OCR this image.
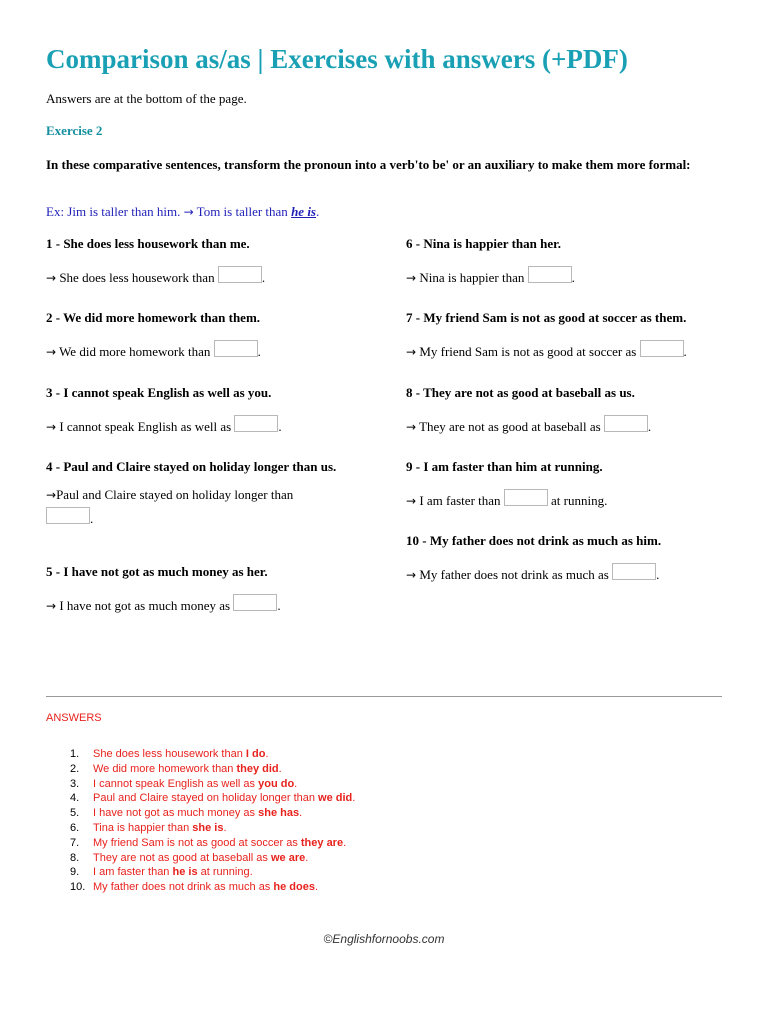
Comparison as/as | Exercises with answers (+PDF)
Answers are at the bottom of the page.
Exercise 2
In these comparative sentences, transform the pronoun into a verb'to be' or an auxiliary to make them more formal:
Ex: Jim is taller than him. → Tom is taller than he is.
1 - She does less housework than me.
→ She does less housework than	.
2 - We did more homework than them.
→ We did more homework than	.
3 - I cannot speak English as well as you.
→ I cannot speak English as well as	.
4 - Paul and Claire stayed on holiday longer than us.
→Paul and Claire stayed on holiday longer than .
5 - I have not got as much money as her.
→ I have not got as much money as	.
6 - Nina is happier than her.
→ Nina is happier than	.
7 - My friend Sam is not as good at soccer as them.
→ My friend Sam is not as good at soccer as	.
8 - They are not as good at baseball as us.
→ They are not as good at baseball as	.
9 - I am faster than him at running.
→ I am faster than	at running.
10 - My father does not drink as much as him.
→ My father does not drink as much as	.
ANSWERS
1. She does less housework than I do.
2. We did more homework than they did.
3. I cannot speak English as well as you do.
4. Paul and Claire stayed on holiday longer than we did.
5. I have not got as much money as she has.
6. Tina is happier than she is.
7. My friend Sam is not as good at soccer as they are.
8. They are not as good at baseball as we are.
9. I am faster than he is at running.
10. My father does not drink as much as he does.
©Englishfornoobs.com
